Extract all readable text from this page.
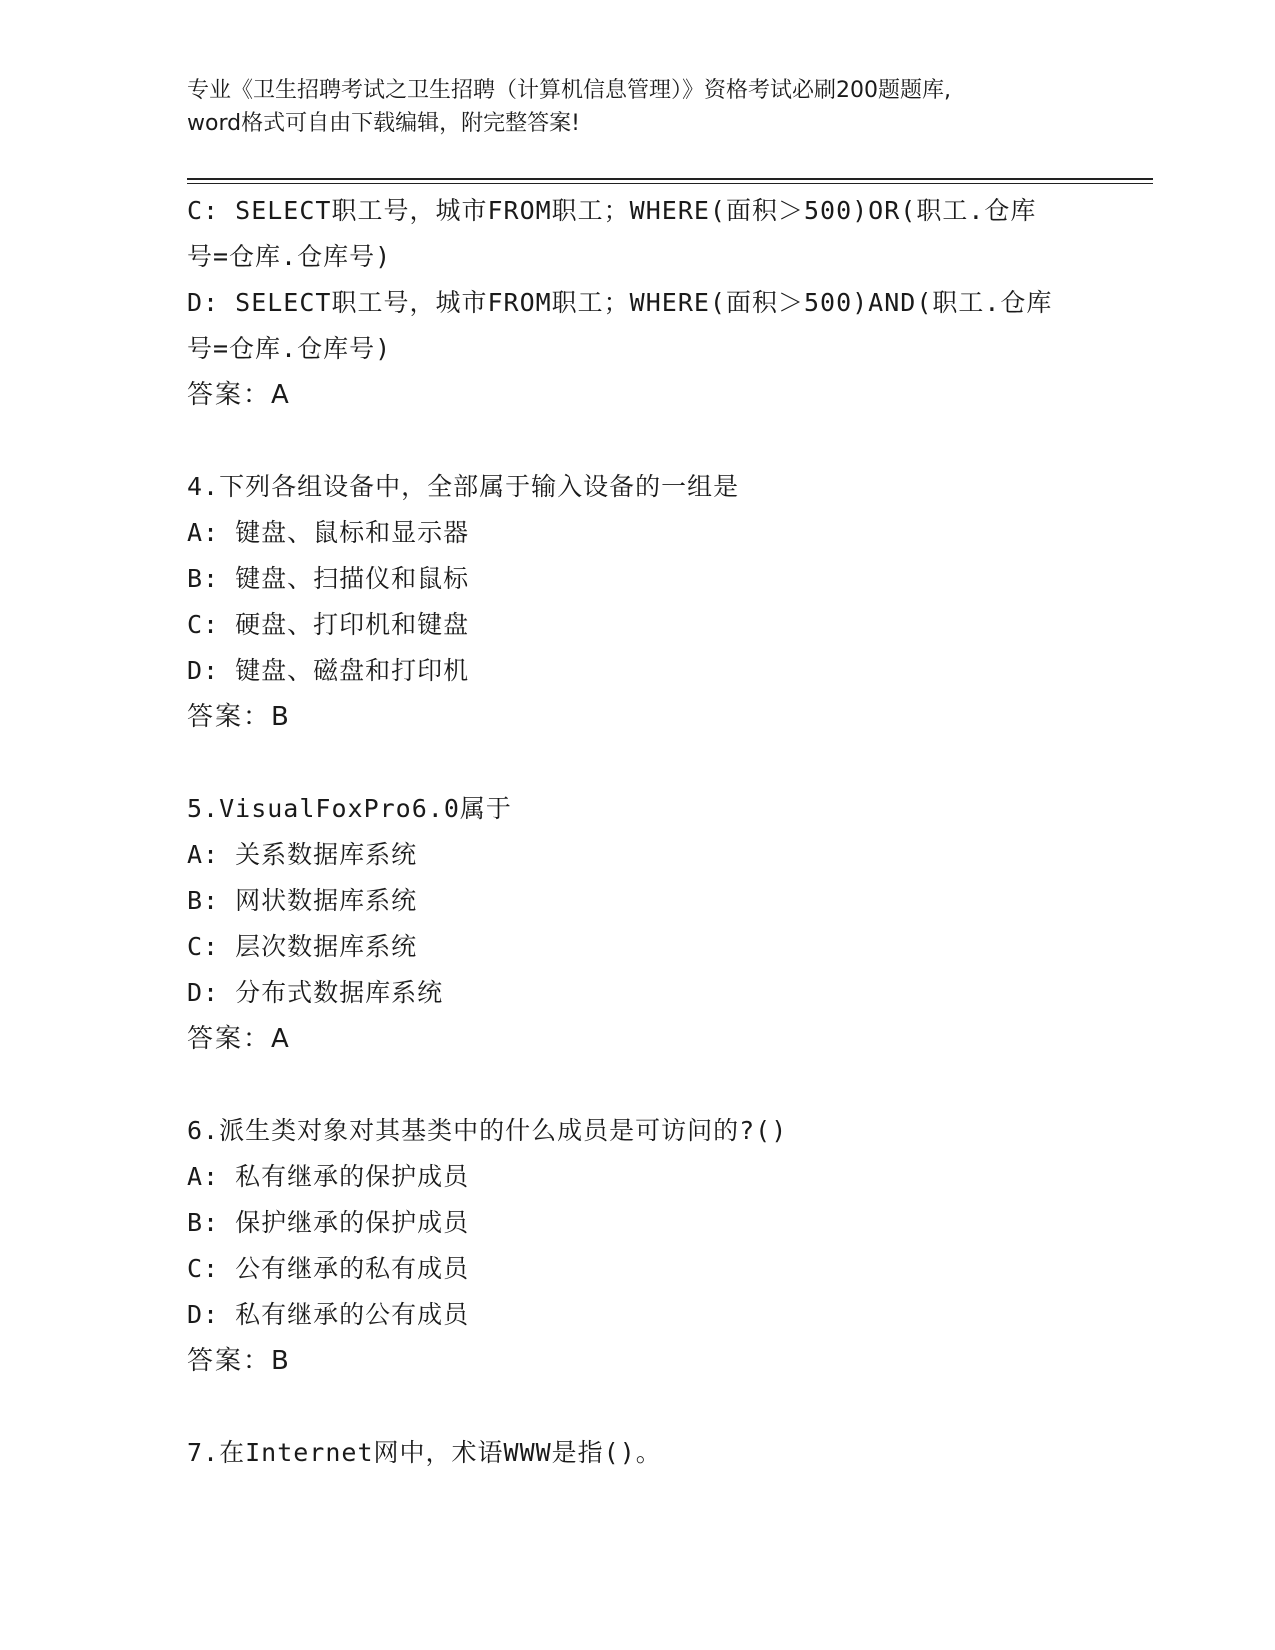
专业《卫生招聘考试之卫生招聘（计算机信息管理）》资格考试必刷200题题库,
word格式可自由下载编辑，附完整答案!
C: SELECT职工号，城市FROM职工；WHERE(面积＞500)OR(职工.仓库
号=仓库.仓库号)
D: SELECT职工号，城市FROM职工；WHERE(面积＞500)AND(职工.仓库
号=仓库.仓库号)
答案：A
4.下列各组设备中，全部属于输入设备的一组是
A: 键盘、鼠标和显示器
B: 键盘、扫描仪和鼠标
C: 硬盘、打印机和键盘
D: 键盘、磁盘和打印机
答案：B
5.VisualFoxPro6.0属于
A: 关系数据库系统
B: 网状数据库系统
C: 层次数据库系统
D: 分布式数据库系统
答案：A
6.派生类对象对其基类中的什么成员是可访问的?()
A: 私有继承的保护成员
B: 保护继承的保护成员
C: 公有继承的私有成员
D: 私有继承的公有成员
答案：B
7.在Internet网中，术语WWW是指()。
